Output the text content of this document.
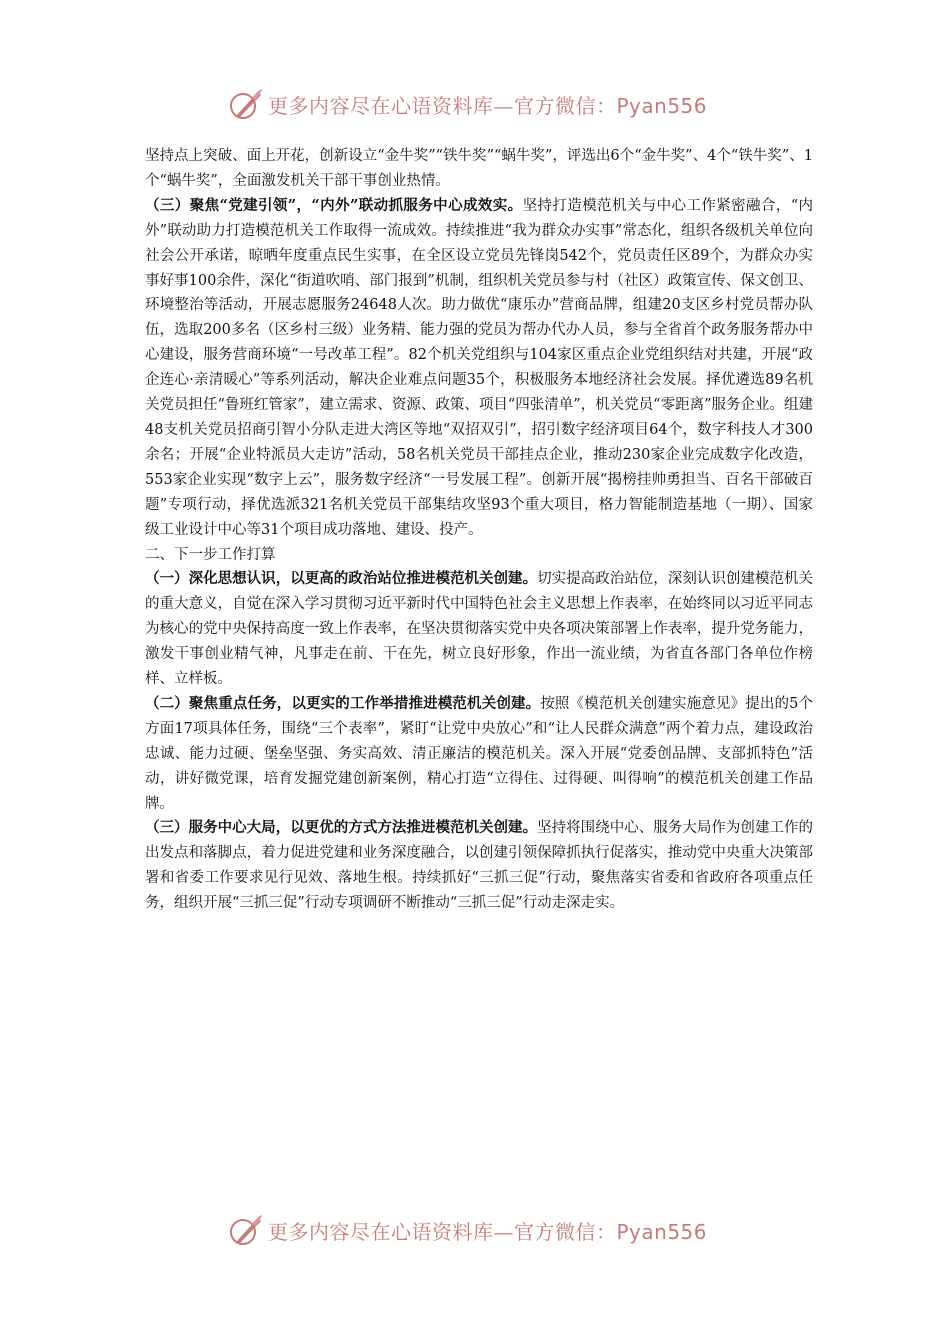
更多内容尽在心语资料库—官方微信：Pyan556

坚持点上突破、面上开花，创新设立“金牛奖”“铁牛奖”“蜗牛奖”，评选出6个“金牛奖”、4个“铁牛奖”、1个“蜗牛奖”，全面激发机关干部干事创业热情。

（三）聚焦“党建引领”，“内外”联动抓服务中心成效实。坚持打造模范机关与中心工作紧密融合，“内外”联动助力打造模范机关工作取得一流成效。持续推进“我为群众办实事”常态化，组织各级机关单位向社会公开承诺，晾晒年度重点民生实事，在全区设立党员先锋岗542个，党员责任区89个，为群众办实事好事100余件，深化“街道吹哨、部门报到”机制，组织机关党员参与村（社区）政策宣传、保文创卫、环境整治等活动，开展志愿服务24648人次。助力做优“康乐办”营商品牌，组建20支区乡村党员帮办队伍，选取200多名（区乡村三级）业务精、能力强的党员为帮办代办人员，参与全省首个政务服务帮办中心建设，服务营商环境“一号改革工程”。82个机关党组织与104家区重点企业党组织结对共建，开展“政企连心·亲清暖心”等系列活动，解决企业难点问题35个，积极服务本地经济社会发展。择优遴选89名机关党员担任“鲁班红管家”，建立需求、资源、政策、项目“四张清单”，机关党员“零距离”服务企业。组建48支机关党员招商引智小分队走进大湾区等地“双招双引”，招引数字经济项目64个，数字科技人才300余名；开展“企业特派员大走访”活动，58名机关党员干部挂点企业，推动230家企业完成数字化改造，553家企业实现“数字上云”，服务数字经济“一号发展工程”。创新开展“揭榜挂帅勇担当、百名干部破百题”专项行动，择优选派321名机关党员干部集结攻坚93个重大项目，格力智能制造基地（一期）、国家级工业设计中心等31个项目成功落地、建设、投产。

二、下一步工作打算

（一）深化思想认识，以更高的政治站位推进模范机关创建。切实提高政治站位，深刻认识创建模范机关的重大意义，自觉在深入学习贯彻习近平新时代中国特色社会主义思想上作表率，在始终同以习近平同志为核心的党中央保持高度一致上作表率，在坚决贯彻落实党中央各项决策部署上作表率，提升党务能力，激发干事创业精气神，凡事走在前、干在先，树立良好形象，作出一流业绩，为省直各部门各单位作榜样、立样板。

（二）聚焦重点任务，以更实的工作举措推进模范机关创建。按照《模范机关创建实施意见》提出的5个方面17项具体任务，围绕“三个表率”，紧盯“让党中央放心”和“让人民群众满意”两个着力点，建设政治忠诚、能力过硬、堡垒坚强、务实高效、清正廉洁的模范机关。深入开展“党委创品牌、支部抓特色”活动，讲好微党课，培育发掘党建创新案例，精心打造“立得住、过得硬、叫得响”的模范机关创建工作品牌。

（三）服务中心大局，以更优的方式方法推进模范机关创建。坚持将围绕中心、服务大局作为创建工作的出发点和落脚点，着力促进党建和业务深度融合，以创建引领保障抓执行促落实，推动党中央重大决策部署和省委工作要求见行见效、落地生根。持续抓好“三抓三促”行动，聚焦落实省委和省政府各项重点任务，组织开展“三抓三促”行动专项调研不断推动“三抓三促”行动走深走实。

更多内容尽在心语资料库—官方微信：Pyan556
